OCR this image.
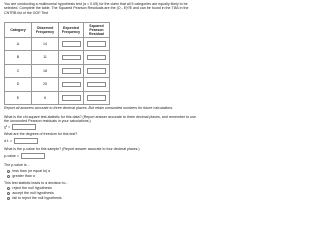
You are conducting a multinomial hypothesis test (α = 0.05) for the claim that all 5 categories are equally likely to be selected. Complete the table. The Squared Pearson Residuals are the (O - E)²/E and can be found in the TI84 in the CNTRB list of the GOF Test
Category	Observed Frequency	Expected Frequency	Squared Pearson Residual
A	14		
B	11		
C	18		
D	25		
E	6		
Report all answers accurate to three decimal places. But retain unrounded numbers for future calculations.
What is the chi-square test-statistic for this data? (Report answer accurate to three decimal places, and remember to use the unrounded Pearson residuals in your calculations.)
χ² =
What are the degrees of freedom for this test?
d.f. =
What is the p-value for this sample? (Report answer accurate to four decimal places.)
p-value =
The p-value is...
less than (or equal to) α
greater than α
This test statistic leads to a decision to...
reject the null hypothesis
accept the null hypothesis
fail to reject the null hypothesis
